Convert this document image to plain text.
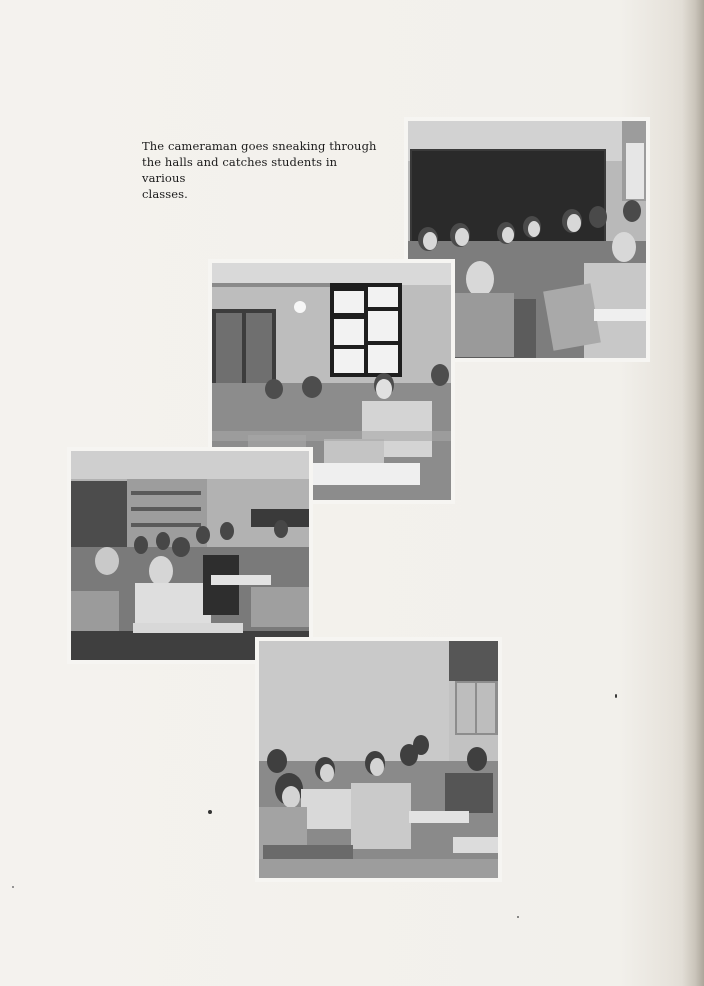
The cameraman goes sneaking through
the halls and catches students in various
classes.
